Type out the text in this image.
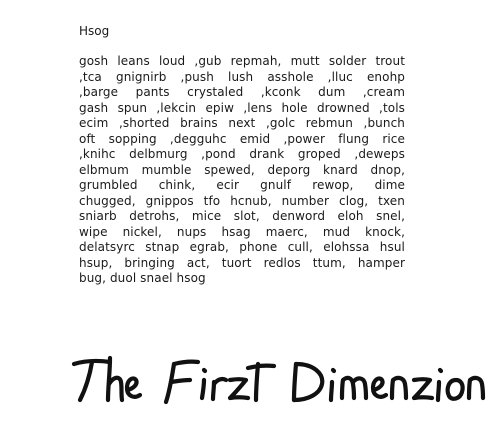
Hsog
gosh leans loud ,gub repmah, mutt solder trout
,tca gnignirb ,push lush asshole ,lluc enohp
,barge pants crystaled ,kconk dum ,cream
gash spun ,lekcin epiw ,lens hole drowned ,tols
ecim ,shorted brains next ,golc rebmun ,bunch
oft sopping ,degguhc emid ,power flung rice
,knihc delbmurg ,pond drank groped ,deweps
elbmum mumble spewed, deporg knard dnop,
grumbled chink, ecir gnulf rewop, dime
chugged, gnippos tfo hcnub, number clog, txen
sniarb detrohs, mice slot, denword eloh snel,
wipe nickel, nups hsag maerc, mud knock,
delatsyrc stnap egrab, phone cull, elohssa hsul
hsup, bringing act, tuort redlos ttum, hamper
bug, duol snael hsog
